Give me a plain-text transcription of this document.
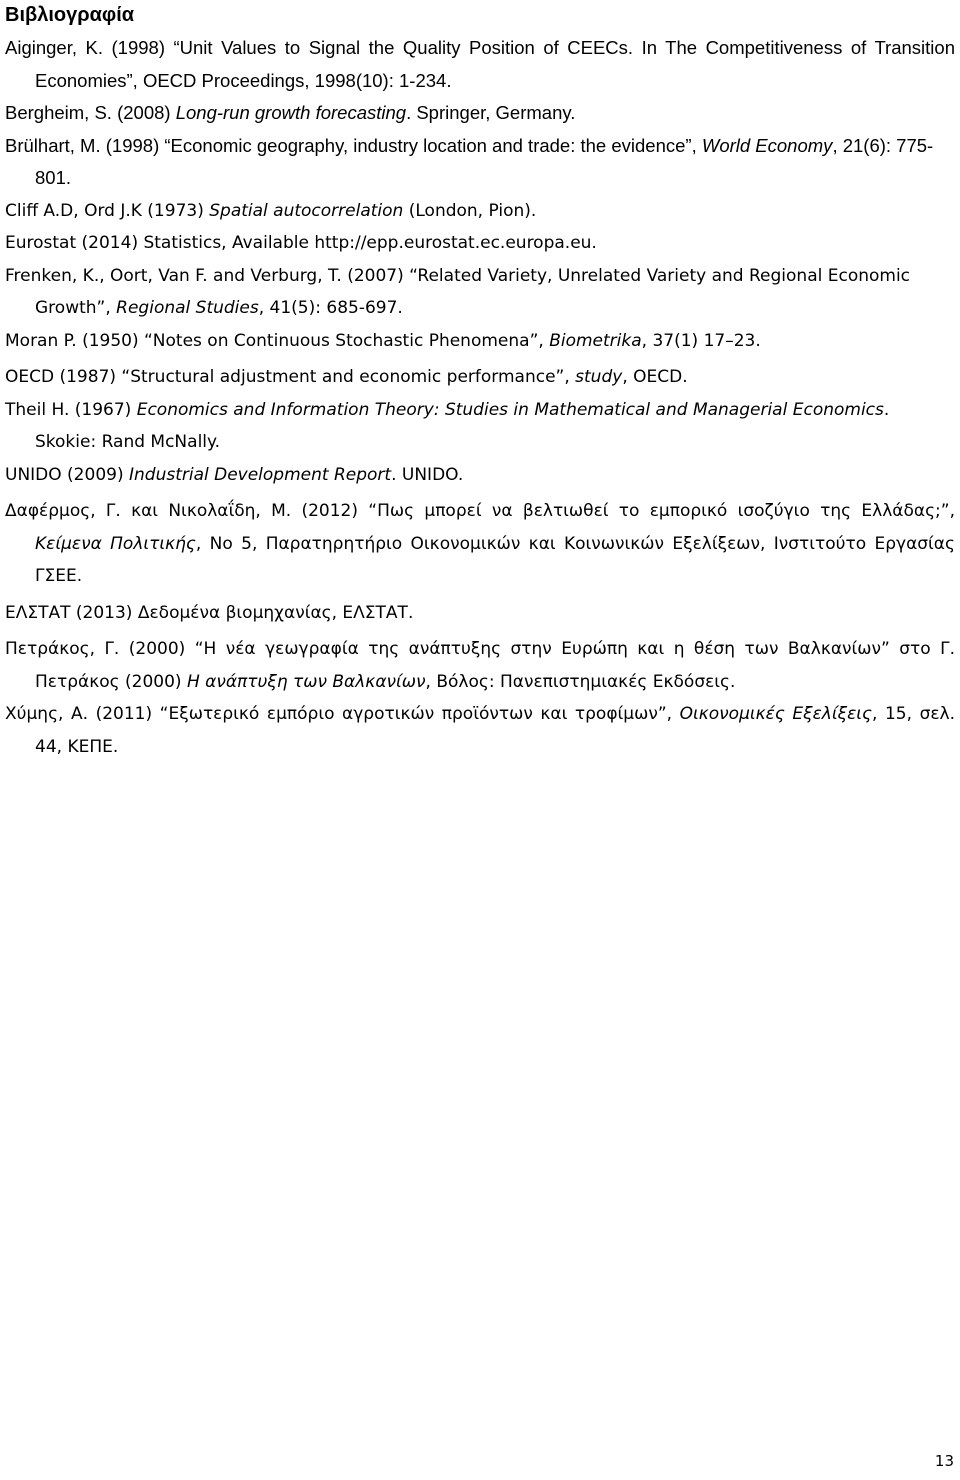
Βιβλιογραφία
Aiginger, K. (1998) “Unit Values to Signal the Quality Position of CEECs. In The Competitiveness of Transition Economies”, OECD Proceedings, 1998(10): 1-234.
Bergheim, S. (2008) Long-run growth forecasting. Springer, Germany.
Brülhart, M. (1998) “Economic geography, industry location and trade: the evidence”, World Economy, 21(6): 775-801.
Cliff A.D, Ord J.K (1973) Spatial autocorrelation (London, Pion).
Eurostat (2014) Statistics, Available http://epp.eurostat.ec.europa.eu.
Frenken, K., Oort, Van F. and Verburg, T. (2007) “Related Variety, Unrelated Variety and Regional Economic Growth”, Regional Studies, 41(5): 685-697.
Moran P. (1950) “Notes on Continuous Stochastic Phenomena”, Biometrika, 37(1) 17–23.
OECD (1987) “Structural adjustment and economic performance”, study, OECD.
Theil H. (1967) Economics and Information Theory: Studies in Mathematical and Managerial Economics. Skokie: Rand McNally.
UNIDO (2009) Industrial Development Report. UNIDO.
Δαφέρμος, Γ. και Νικολαΐδη, Μ. (2012) “Πως μπορεί να βελτιωθεί το εμπορικό ισοζύγιο της Ελλάδας;”, Κείμενα Πολιτικής, Νο 5, Παρατηρητήριο Οικονομικών και Κοινωνικών Εξελίξεων, Ινστιτούτο Εργασίας ΓΣΕΕ.
ΕΛΣΤΑΤ (2013) Δεδομένα βιομηχανίας, ΕΛΣΤΑΤ.
Πετράκος, Γ. (2000) “Η νέα γεωγραφία της ανάπτυξης στην Ευρώπη και η θέση των Βαλκανίων” στο Γ. Πετράκος (2000) Η ανάπτυξη των Βαλκανίων, Βόλος: Πανεπιστημιακές Εκδόσεις.
Χύμης, Α. (2011) “Εξωτερικό εμπόριο αγροτικών προϊόντων και τροφίμων”, Οικονομικές Εξελίξεις, 15, σελ. 44, ΚΕΠΕ.
13
